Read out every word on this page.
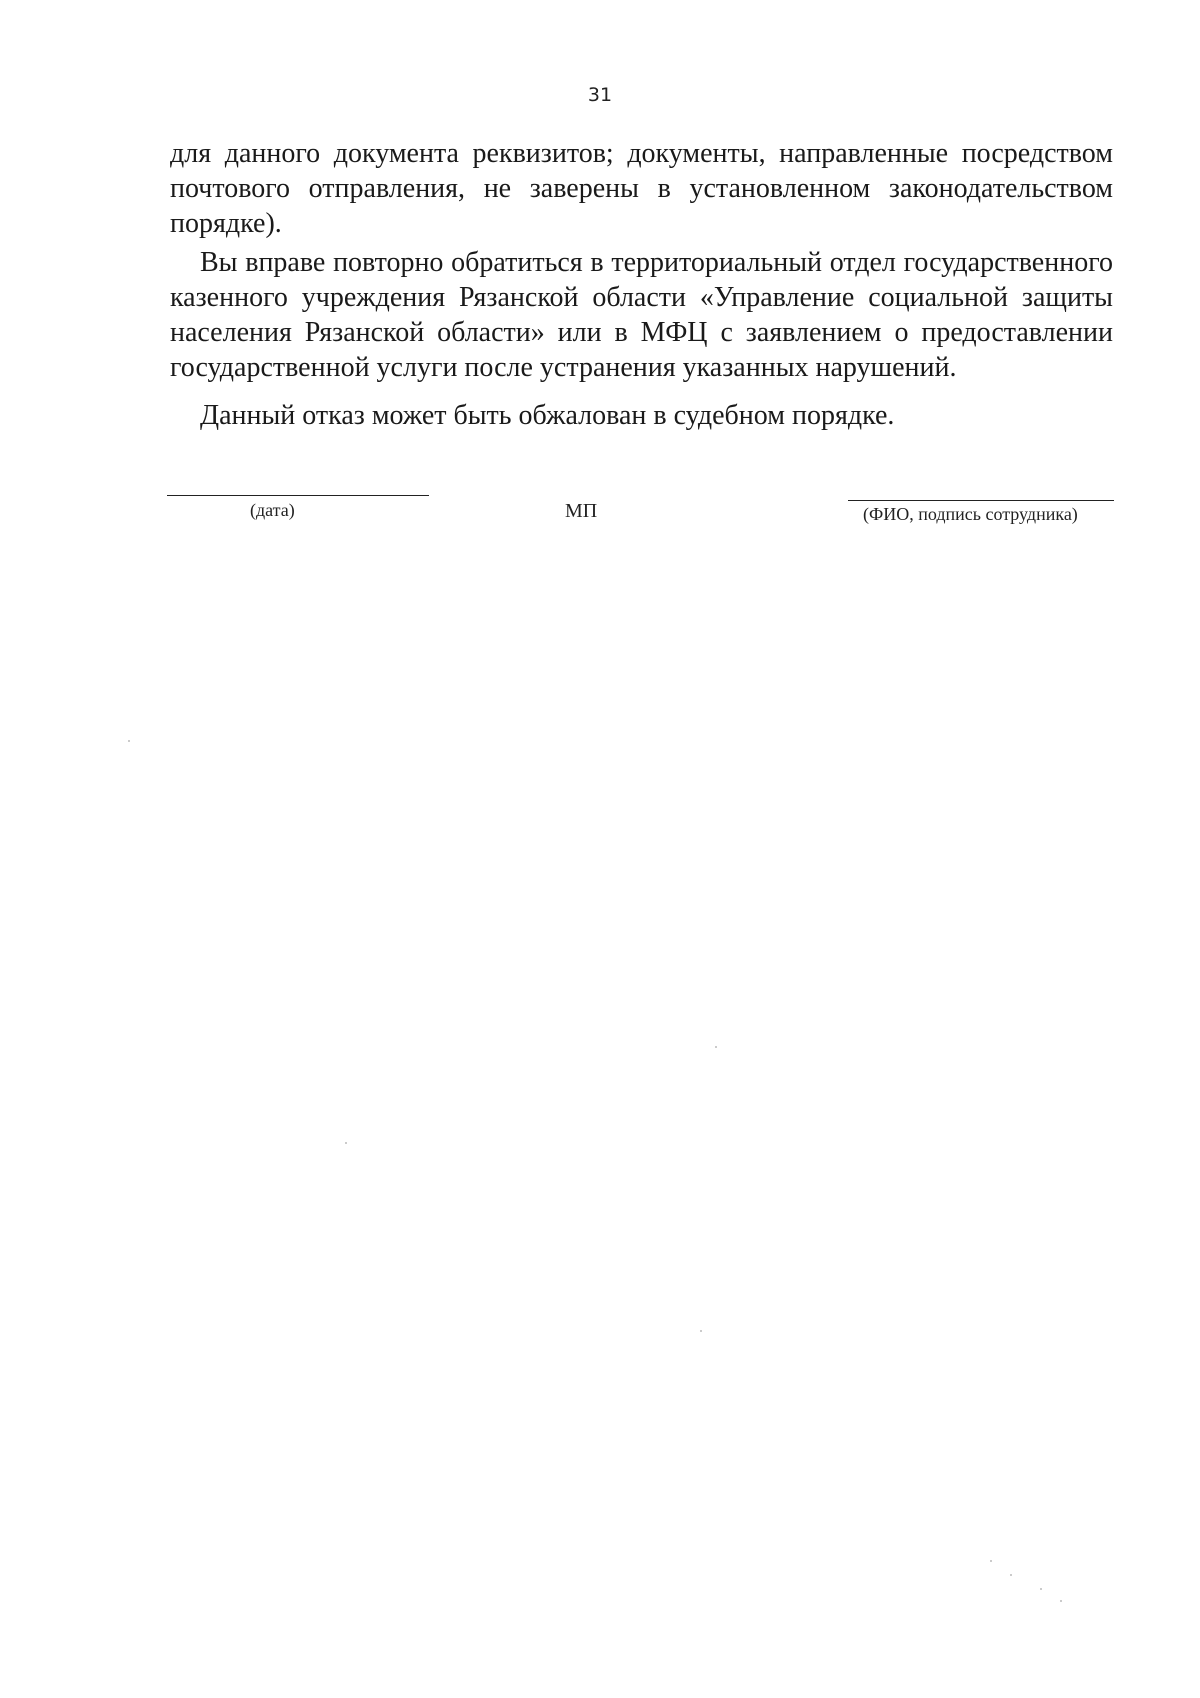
31

для данного документа реквизитов; документы, направленные посредством почтового отправления, не заверены в установленном законодательством порядке).

Вы вправе повторно обратиться в территориальный отдел государственного казенного учреждения Рязанской области «Управление социальной защиты населения Рязанской области» или в МФЦ с заявлением о предоставлении государственной услуги после устранения указанных нарушений.

Данный отказ может быть обжалован в судебном порядке.

(дата)	МП	(ФИО, подпись сотрудника)
